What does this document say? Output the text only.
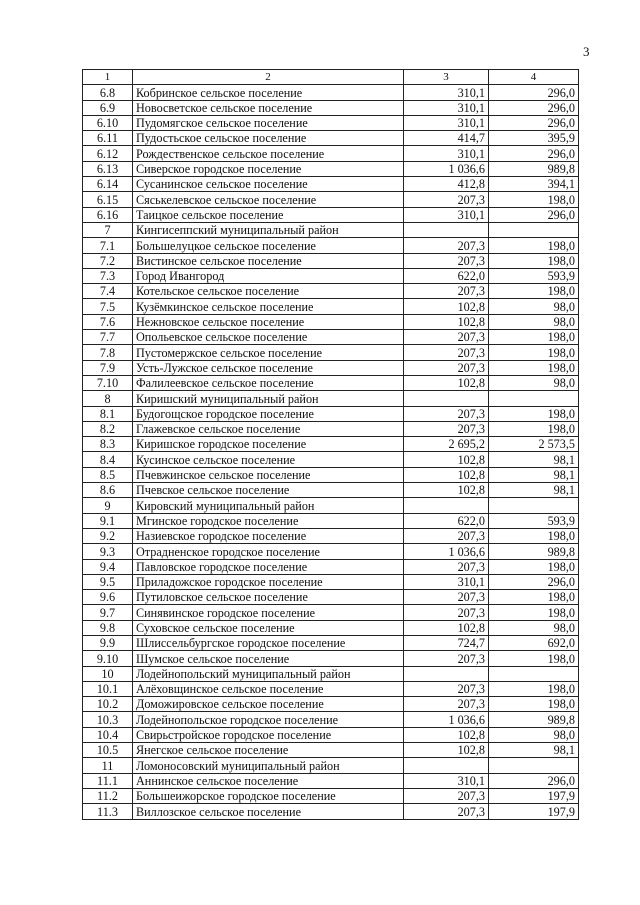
3
1	2	3	4
6.8	Кобринское сельское поселение	310,1	296,0
6.9	Новосветское сельское поселение	310,1	296,0
6.10	Пудомягское сельское поселение	310,1	296,0
6.11	Пудостьское сельское поселение	414,7	395,9
6.12	Рождественское сельское поселение	310,1	296,0
6.13	Сиверское городское поселение	1 036,6	989,8
6.14	Сусанинское сельское поселение	412,8	394,1
6.15	Сяськелевское сельское поселение	207,3	198,0
6.16	Таицкое сельское поселение	310,1	296,0
7	Кингисеппский муниципальный район		
7.1	Большелуцкое сельское поселение	207,3	198,0
7.2	Вистинское сельское поселение	207,3	198,0
7.3	Город Ивангород	622,0	593,9
7.4	Котельское сельское поселение	207,3	198,0
7.5	Кузёмкинское сельское поселение	102,8	98,0
7.6	Нежновское сельское поселение	102,8	98,0
7.7	Опольевское сельское поселение	207,3	198,0
7.8	Пустомержское сельское поселение	207,3	198,0
7.9	Усть-Лужское сельское поселение	207,3	198,0
7.10	Фалилеевское сельское поселение	102,8	98,0
8	Киришский муниципальный район		
8.1	Будогощское городское поселение	207,3	198,0
8.2	Глажевское сельское поселение	207,3	198,0
8.3	Киришское городское поселение	2 695,2	2 573,5
8.4	Кусинское сельское поселение	102,8	98,1
8.5	Пчевжинское сельское поселение	102,8	98,1
8.6	Пчевское сельское поселение	102,8	98,1
9	Кировский муниципальный район		
9.1	Мгинское городское поселение	622,0	593,9
9.2	Назиевское городское поселение	207,3	198,0
9.3	Отрадненское городское поселение	1 036,6	989,8
9.4	Павловское городское поселение	207,3	198,0
9.5	Приладожское городское поселение	310,1	296,0
9.6	Путиловское сельское поселение	207,3	198,0
9.7	Синявинское городское поселение	207,3	198,0
9.8	Суховское сельское поселение	102,8	98,0
9.9	Шлиссельбургское городское поселение	724,7	692,0
9.10	Шумское сельское поселение	207,3	198,0
10	Лодейнопольский муниципальный район		
10.1	Алёховщинское сельское поселение	207,3	198,0
10.2	Доможировское сельское поселение	207,3	198,0
10.3	Лодейнопольское городское поселение	1 036,6	989,8
10.4	Свирьстройское городское поселение	102,8	98,0
10.5	Янегское сельское поселение	102,8	98,1
11	Ломоносовский муниципальный район		
11.1	Аннинское сельское поселение	310,1	296,0
11.2	Большеижорское городское поселение	207,3	197,9
11.3	Виллозское сельское поселение	207,3	197,9
